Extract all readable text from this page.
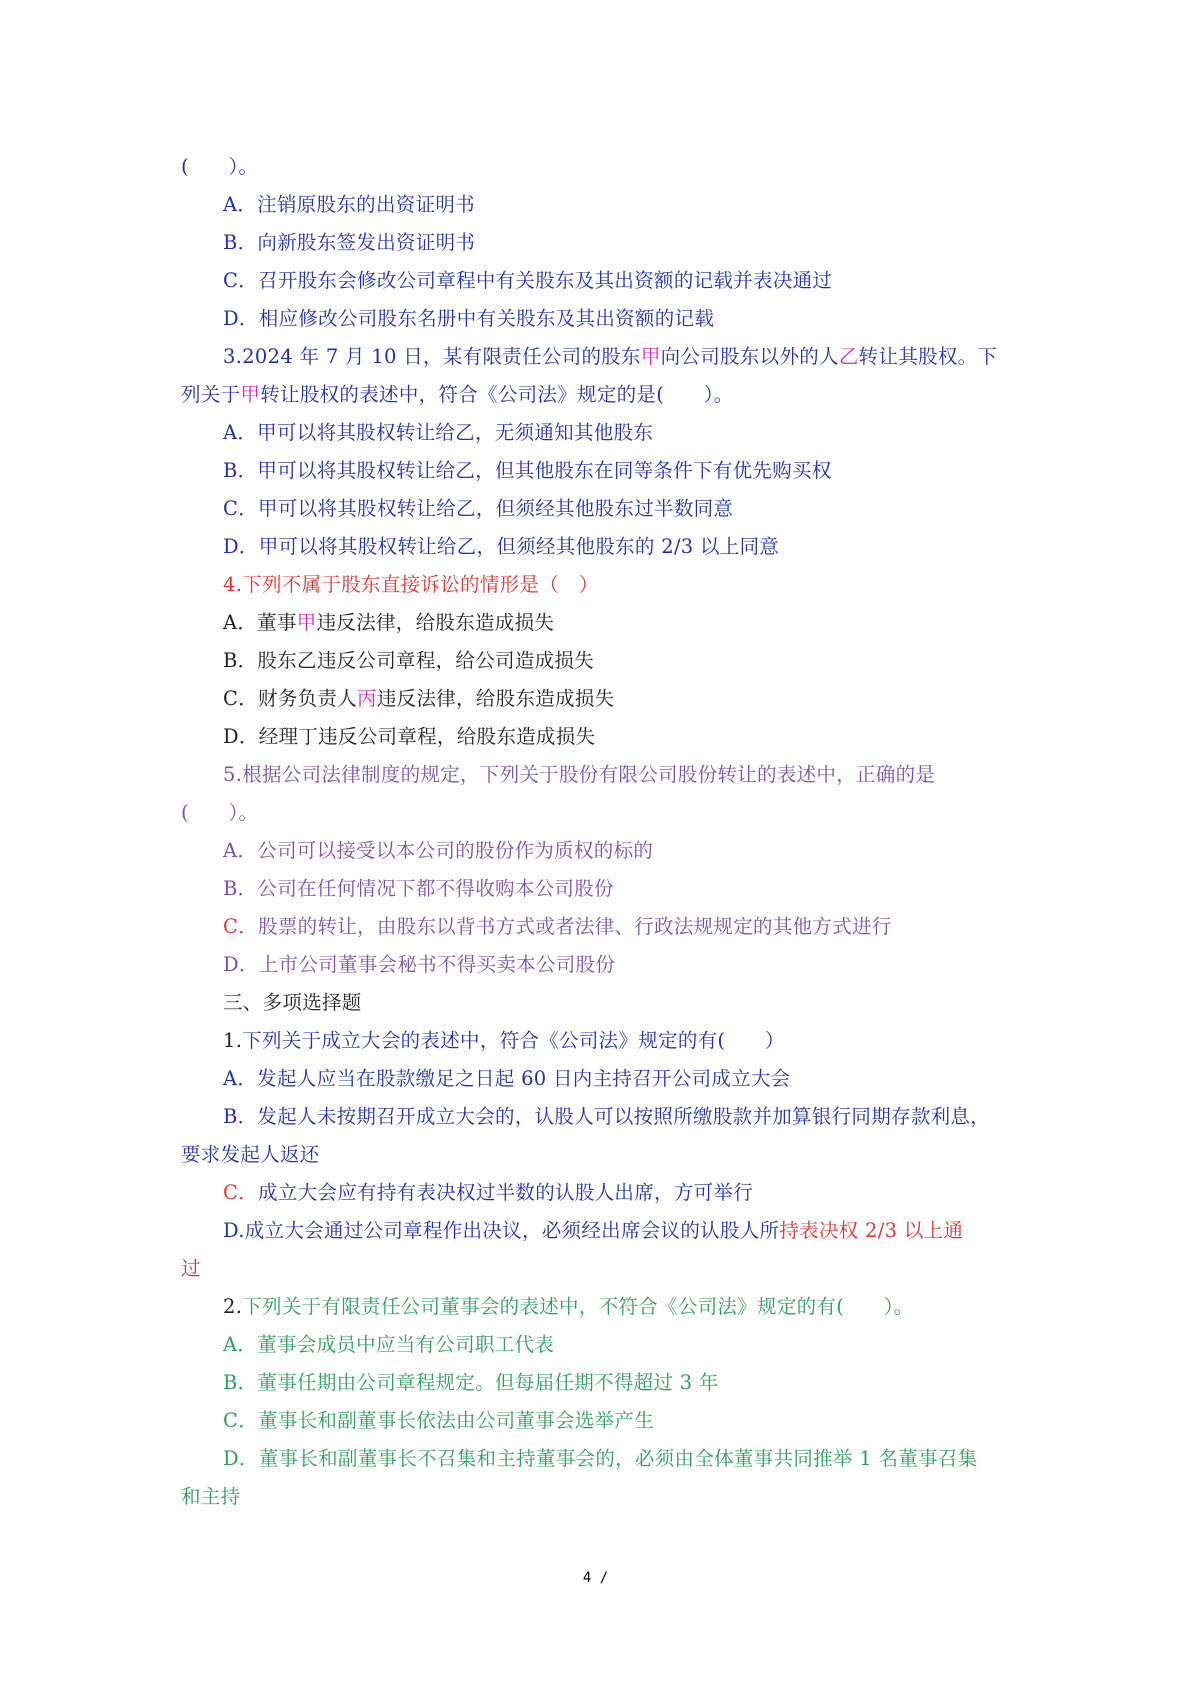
(　　）。
A．注销原股东的出资证明书
B．向新股东签发出资证明书
C．召开股东会修改公司章程中有关股东及其出资额的记载并表决通过
D．相应修改公司股东名册中有关股东及其出资额的记载
3.2024 年 7 月 10 日，某有限责任公司的股东甲向公司股东以外的人乙转让其股权。下
列关于甲转让股权的表述中，符合《公司法》规定的是(　　）。
A．甲可以将其股权转让给乙，无须通知其他股东
B．甲可以将其股权转让给乙，但其他股东在同等条件下有优先购买权
C．甲可以将其股权转让给乙，但须经其他股东过半数同意
D．甲可以将其股权转让给乙，但须经其他股东的 2/3 以上同意
4.下列不属于股东直接诉讼的情形是（　）
A．董事甲违反法律，给股东造成损失
B．股东乙违反公司章程，给公司造成损失
C．财务负责人丙违反法律，给股东造成损失
D．经理丁违反公司章程，给股东造成损失
5.根据公司法律制度的规定，下列关于股份有限公司股份转让的表述中，正确的是
(　　）。
A．公司可以接受以本公司的股份作为质权的标的
B．公司在任何情况下都不得收购本公司股份
C．股票的转让，由股东以背书方式或者法律、行政法规规定的其他方式进行
D．上市公司董事会秘书不得买卖本公司股份
三、多项选择题
1.下列关于成立大会的表述中，符合《公司法》规定的有(　　）
A．发起人应当在股款缴足之日起 60 日内主持召开公司成立大会
B．发起人未按期召开成立大会的，认股人可以按照所缴股款并加算银行同期存款利息，
要求发起人返还
C．成立大会应有持有表决权过半数的认股人出席，方可举行
D.成立大会通过公司章程作出决议，必须经出席会议的认股人所持表决权 2/3 以上通
过
2.下列关于有限责任公司董事会的表述中，不符合《公司法》规定的有(　　）。
A．董事会成员中应当有公司职工代表
B．董事任期由公司章程规定。但每届任期不得超过 3 年
C．董事长和副董事长依法由公司董事会选举产生
D．董事长和副董事长不召集和主持董事会的，必须由全体董事共同推举 1 名董事召集
和主持
4 /
